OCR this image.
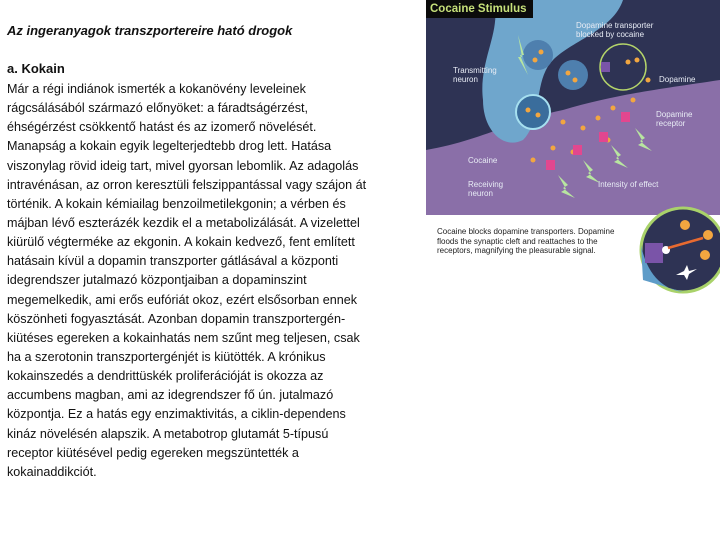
Az ingeranyagok transzportereire ható drogok
a. Kokain
Már a régi indiánok ismerték a kokanövény leveleinek
rágcsálásából származó előnyöket: a fáradtságérzést,
éhségérzést csökkentő hatást és az izomerő növelését.
Manapság a kokain egyik legelterjedtebb drog lett. Hatása
viszonylag rövid ideig tart, mivel gyorsan lebomlik. Az adagolás
intravénásan, az orron keresztüli felszippantással vagy szájon át
történik. A kokain kémiailag benzoilmetilekgonin; a vérben és
májban lévő eszterázék kezdik el a metabolizálását. A vizelettel
kiürülő végterméke az ekgonin. A kokain kedvező, fent említett
hatásain kívül a dopamin transzporter gátlásával a központi
idegrendszer jutalmazó központjaiban a dopaminszint
megemelkedik, ami erős eufóriát okoz, ezért elsősorban ennek
köszönheti fogyasztását. Azonban dopamin transzportergén-
kiütéses egereken a kokainhatás nem szűnt meg teljesen, csak
ha a szerotonin transzportergénjét is kiütötték. A krónikus
kokainszedés a dendrittüskék proliferációját is okozza az
accumbens magban, ami az idegrendszer fő ún. jutalmazó
központja. Ez a hatás egy enzimaktivitás, a ciklin-dependens
kináz növelésén alapszik. A metabotrop glutamát 5-típusú
receptor kiütésével pedig egereken megszüntették a
kokainaddikciót.
Cocaine Stimulus
Dopamine transporter blocked by cocaine
Transmitting neuron	Dopamine
Dopamine receptor
Cocaine
Receiving neuron
Intensity of effect
Cocaine blocks dopamine transporters. Dopamine floods the synaptic cleft and reattaches to the receptors, magnifying the pleasurable signal.
